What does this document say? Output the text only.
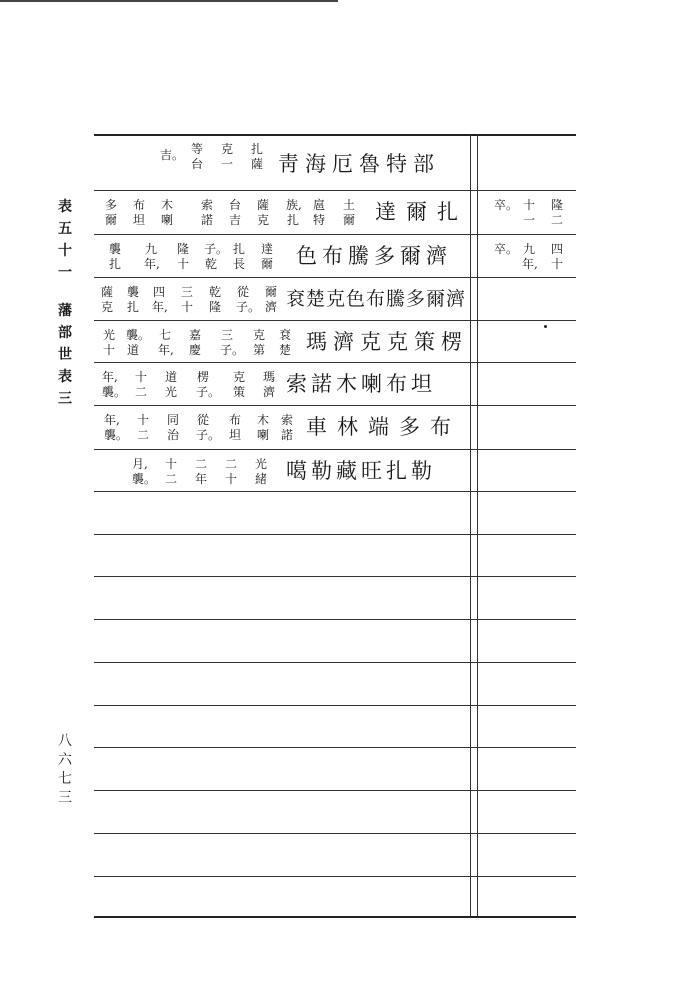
表五十一
藩部世表三
八六七三
靑海厄魯特部
扎薩
克一
等台
吉。
達爾扎
族,扎
扈特
土爾
薩克
台吉
索諾
木喇
布坦
多爾
色布騰多爾濟
達爾
扎長
子。乾
隆十
九年,
襲扎
袞楚克色布騰多爾濟
爾濟
從子。
乾隆
三十
四年,
襲扎
薩克
瑪濟克克策楞
袞楚
克第
三子。
嘉慶
七年,
襲。道
光十
索諾木喇布坦
瑪濟
克策
楞子。
道光
十二
年,襲。
車林端多布
索諾
木喇
布坦
從子。
同治
十二
年,襲。
噶勒藏旺扎勒
光緒
二十
二年
十二
月,襲。
隆二
十一
卒。
四十
九年,
卒。
